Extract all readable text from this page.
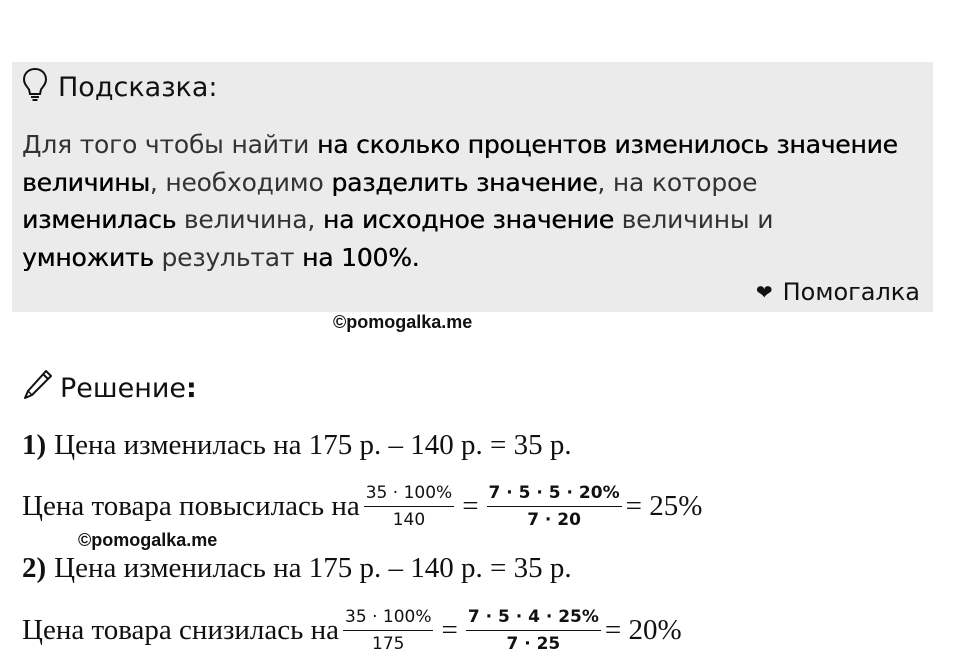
Подсказка:
Для того чтобы найти на сколько процентов изменилось значение величины, необходимо разделить значение, на которое изменилась величина, на исходное значение величины и умножить результат на 100%.
❤ Помогалка
©pomogalka.me
Решение :
1) Цена изменилась на 175 р. – 140 р. = 35 р.
Цена товара повысилась на $\frac{35 \cdot 100\%}{140} = \frac{7 \cdot 5 \cdot 5 \cdot 20\%}{7 \cdot 20} = 25\%$
©pomogalka.me
2) Цена изменилась на 175 р. – 140 р. = 35 р.
Цена товара снизилась на $\frac{35 \cdot 100\%}{175} = \frac{7 \cdot 5 \cdot 4 \cdot 25\%}{7 \cdot 25} = 20\%$
